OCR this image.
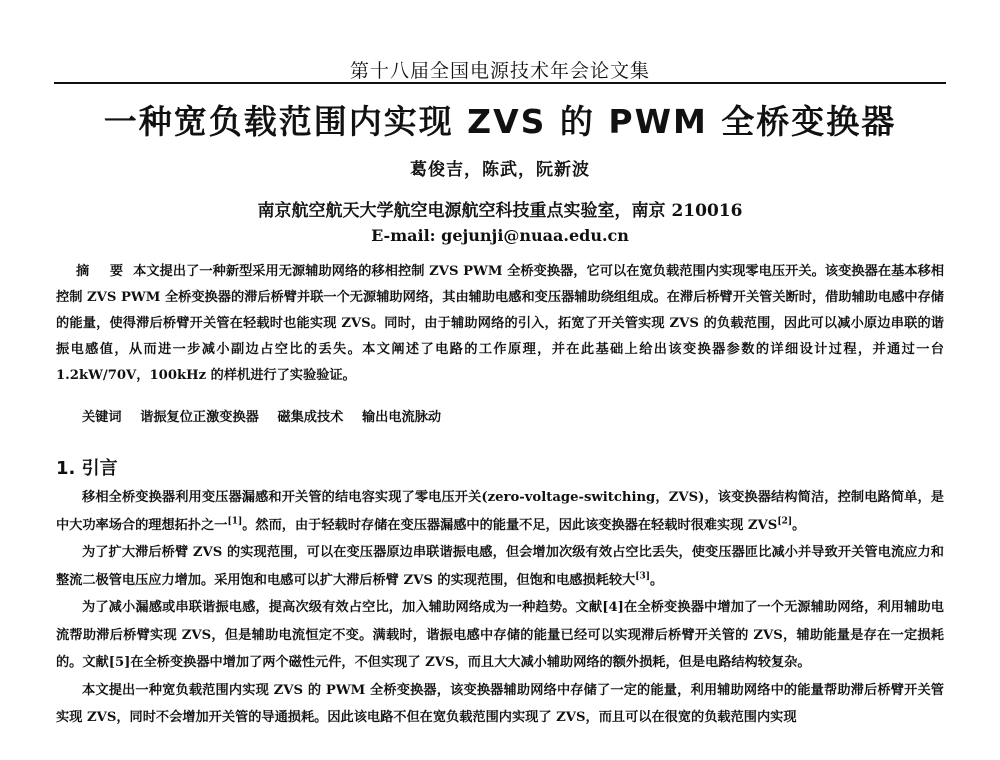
第十八届全国电源技术年会论文集
一种宽负载范围内实现 ZVS 的 PWM 全桥变换器
葛俊吉，陈武，阮新波
南京航空航天大学航空电源航空科技重点实验室，南京 210016
E-mail: gejunji@nuaa.edu.cn
摘 要 本文提出了一种新型采用无源辅助网络的移相控制 ZVS PWM 全桥变换器，它可以在宽负载范围内实现零电压开关。该变换器在基本移相控制 ZVS PWM 全桥变换器的滞后桥臂并联一个无源辅助网络，其由辅助电感和变压器辅助绕组组成。在滞后桥臂开关管关断时，借助辅助电感中存储的能量，使得滞后桥臂开关管在轻载时也能实现 ZVS。同时，由于辅助网络的引入，拓宽了开关管实现 ZVS 的负载范围，因此可以减小原边串联的谐振电感值，从而进一步减小副边占空比的丢失。本文阐述了电路的工作原理，并在此基础上给出该变换器参数的详细设计过程，并通过一台 1.2kW/70V，100kHz 的样机进行了实验验证。
关键词 谐振复位正激变换器 磁集成技术 输出电流脉动
1. 引言

移相全桥变换器利用变压器漏感和开关管的结电容实现了零电压开关(zero-voltage-switching，ZVS)，该变换器结构简洁，控制电路简单，是中大功率场合的理想拓扑之一[1]。然而，由于轻载时存储在变压器漏感中的能量不足，因此该变换器在轻载时很难实现 ZVS[2]。

为了扩大滞后桥臂 ZVS 的实现范围，可以在变压器原边串联谐振电感，但会增加次级有效占空比丢失，使变压器匝比减小并导致开关管电流应力和整流二极管电压应力增加。采用饱和电感可以扩大滞后桥臂 ZVS 的实现范围，但饱和电感损耗较大[3]。

为了减小漏感或串联谐振电感，提高次级有效占空比，加入辅助网络成为一种趋势。文献[4]在全桥变换器中增加了一个无源辅助网络，利用辅助电流帮助滞后桥臂实现 ZVS，但是辅助电流恒定不变。满载时，谐振电感中存储的能量已经可以实现滞后桥臂开关管的 ZVS，辅助能量是存在一定损耗的。文献[5]在全桥变换器中增加了两个磁性元件，不但实现了 ZVS，而且大大减小辅助网络的额外损耗，但是电路结构较复杂。

本文提出一种宽负载范围内实现 ZVS 的 PWM 全桥变换器，该变换器辅助网络中存储了一定的能量，利用辅助网络中的能量帮助滞后桥臂开关管实现 ZVS，同时不会增加开关管的导通损耗。因此该电路不但在宽负载范围内实现了 ZVS，而且可以在很宽的负载范围内实现
